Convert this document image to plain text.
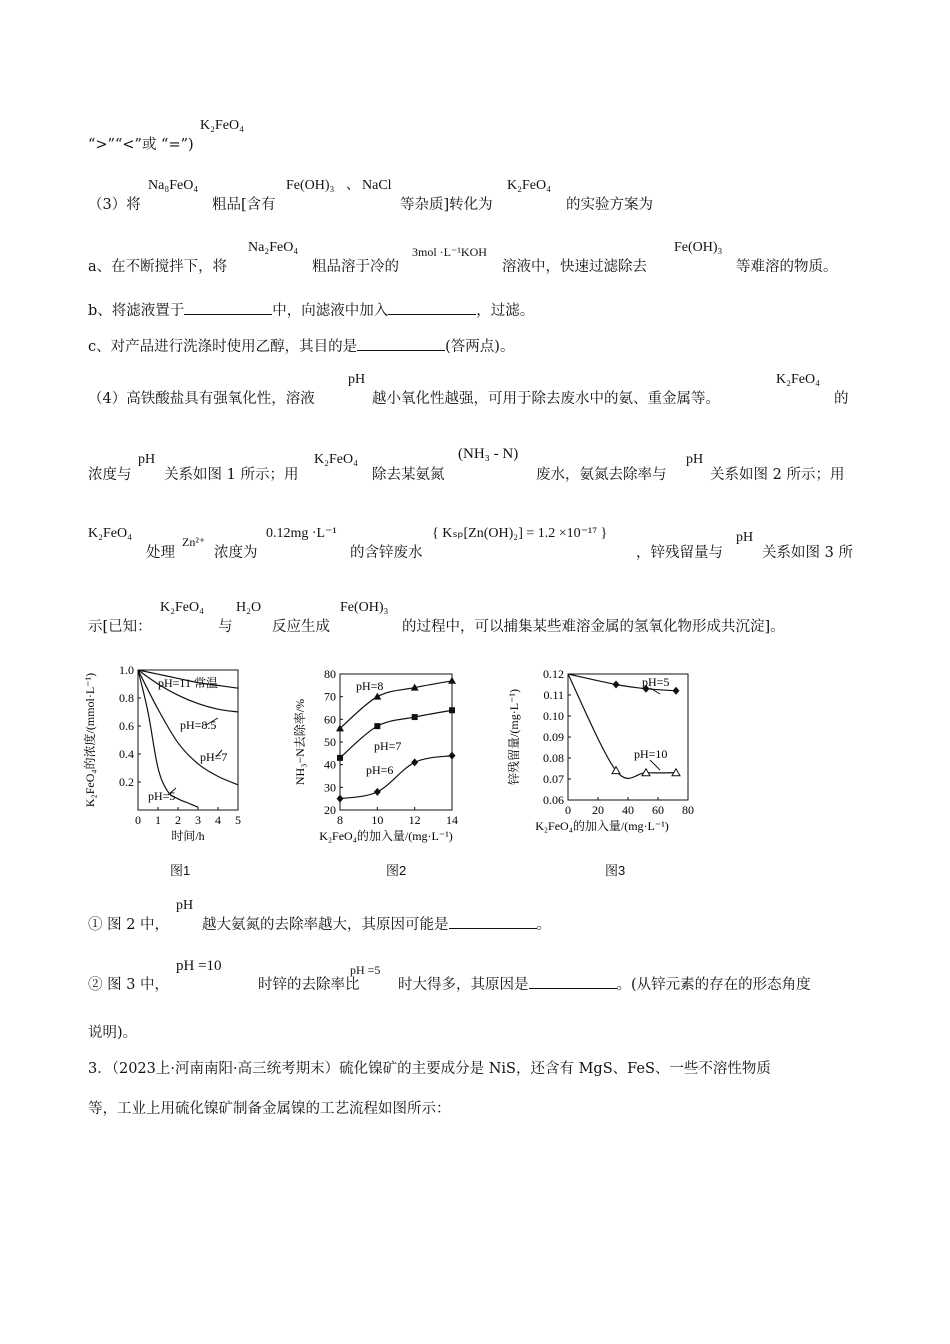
K₂FeO₄
“>”“<”或 “=”)
（3）将
Na₈FeO₄
粗品[含有
Fe(OH)₃ 、 NaCl
等杂质]转化为
K₂FeO₄
的实验方案为
a、在不断搅拌下，将
Na₂FeO₄
粗品溶于冷的
3mol ·L⁻¹KOH
溶液中，快速过滤除去
Fe(OH)₃
等难溶的物质。
b、将滤液置于	中，向滤液中加入	，过滤。
c、对产品进行洗涤时使用乙醇，其目的是	(答两点)。
（4）高铁酸盐具有强氧化性，溶液
pH
越小氧化性越强，可用于除去废水中的氨、重金属等。
K₂FeO₄
的
浓度与
pH
关系如图 1 所示；用
K₂FeO₄
除去某氨氮
(NH₃ - N)
废水，氨氮去除率与
pH
关系如图 2 所示；用
K₂FeO₄
处理
Zn²⁺
浓度为
0.12mg ·L⁻¹
的含锌废水
{ Kₛₚ[Zn(OH)₂] = 1.2 ×10⁻¹⁷ }
，锌残留量与
pH
关系如图 3 所
示[已知：
K₂FeO₄
与
H₂O
反应生成
Fe(OH)₃
的过程中，可以捕集某些难溶金属的氢氧化物形成共沉淀]。
0 1 2 3 4 5
0.2
0.4
0.6
0.8
1.0
时间/h
K₂FeO₄的浓度/(mmol·L⁻¹)	pH=11 常温
pH=8.5
pH=7
pH=5
8 10 12 14
20
30
40
50
60
70
80
K₂FeO₄的加入量/(mg·L⁻¹)
NH₃−N去除率/%
pH=8
pH=7
pH=6
0 20 40 60 80
0.06
0.07
0.08
0.09
0.10
0.11
0.12
K₂FeO₄的加入量/(mg·L⁻¹)
锌残留量/(mg·L⁻¹)
pH=5
pH=10
图1	图2	图3
① 图 2 中，
pH
越大氨氮的去除率越大，其原因可能是	。
② 图 3 中，
pH =10
时锌的去除率比
pH =5
时大得多，其原因是	。(从锌元素的存在的形态角度
说明)。
3．（2023上·河南南阳·高三统考期末）硫化镍矿的主要成分是 NiS，还含有 MgS、FeS、一些不溶性物质
等，工业上用硫化镍矿制备金属镍的工艺流程如图所示：
